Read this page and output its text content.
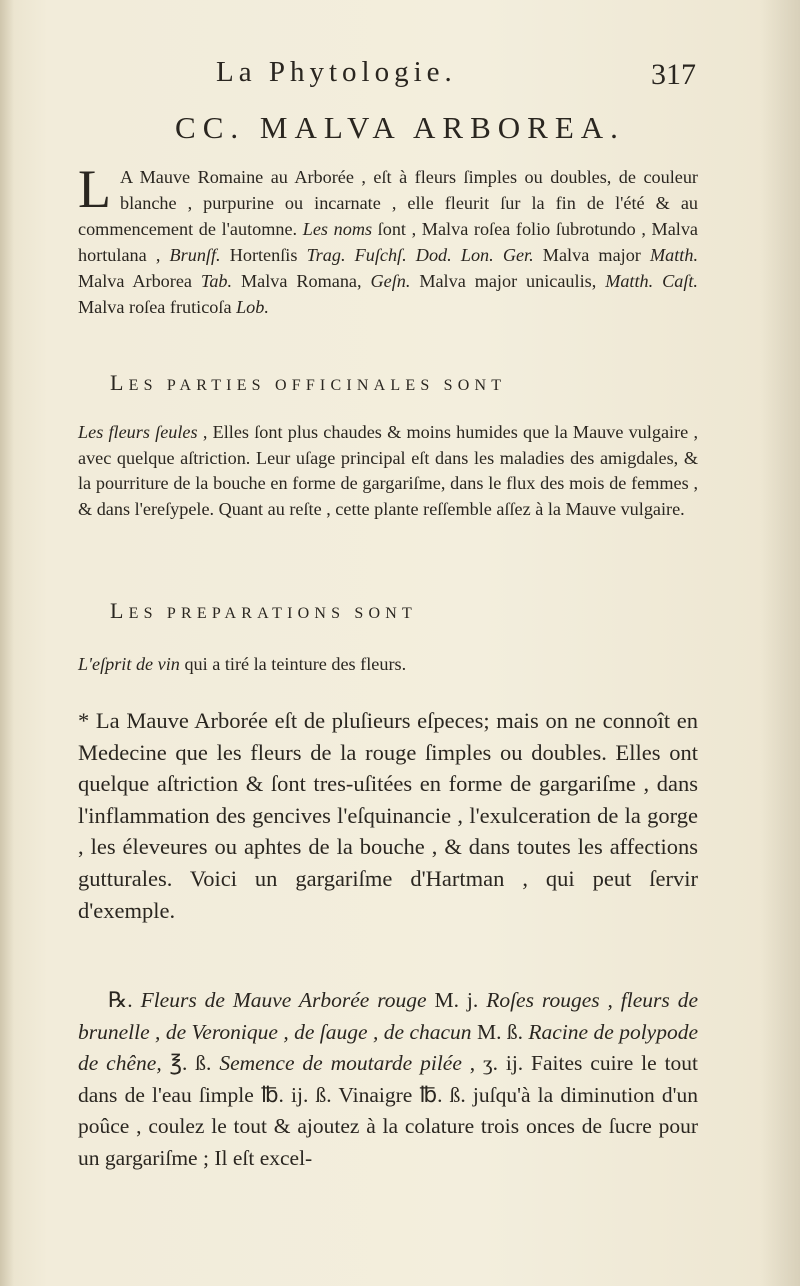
La Phytologie.	317
CC. MALVA ARBOREA.
L A Mauve Romaine au Arborée , eſt à fleurs ſimples ou doubles, de couleur blanche , purpurine ou incarnate , elle fleurit ſur la fin de l'été & au commencement de l'automne. Les noms ſont , Malva roſea folio ſubrotundo , Malva hortulana , Brunſf. Hortenſis Trag. Fuſchſ. Dod. Lon. Ger. Malva major Matth. Malva Arborea Tab. Malva Romana, Geſn. Malva major unicaulis, Matth. Caſt. Malva roſea fruticoſa Lob.
LES PARTIES OFFICINALES SONT
Les fleurs ſeules , Elles ſont plus chaudes & moins humides que la Mauve vulgaire , avec quelque aſtriction. Leur uſage principal eſt dans les maladies des amigdales, & la pourriture de la bouche en forme de gargariſme, dans le flux des mois de femmes , & dans l'ereſypele. Quant au reſte , cette plante reſſemble aſſez à la Mauve vulgaire.
LES PREPARATIONS SONT
L'eſprit de vin qui a tiré la teinture des fleurs.
* La Mauve Arborée eſt de pluſieurs eſpeces; mais on ne connoît en Medecine que les fleurs de la rouge ſimples ou doubles. Elles ont quelque aſtriction & ſont tres-uſitées en forme de gargariſme , dans l'inflammation des gencives l'eſquinancie , l'exulceration de la gorge , les éleveures ou aphtes de la bouche , & dans toutes les affections gutturales. Voici un gargariſme d'Hartman , qui peut ſervir d'exemple.
℞. Fleurs de Mauve Arborée rouge M. j. Roſes rouges , fleurs de brunelle , de Veronique , de ſauge , de chacun M. ß. Racine de polypode de chêne, ℥. ß. Semence de moutarde pilée , ʒ. ij. Faites cuire le tout dans de l'eau ſimple ℔. ij. ß. Vinaigre ℔. ß. juſqu'à la diminution d'un poûce , coulez le tout & ajoutez à la colature trois onces de ſucre pour un gargariſme ; Il eſt excel-
